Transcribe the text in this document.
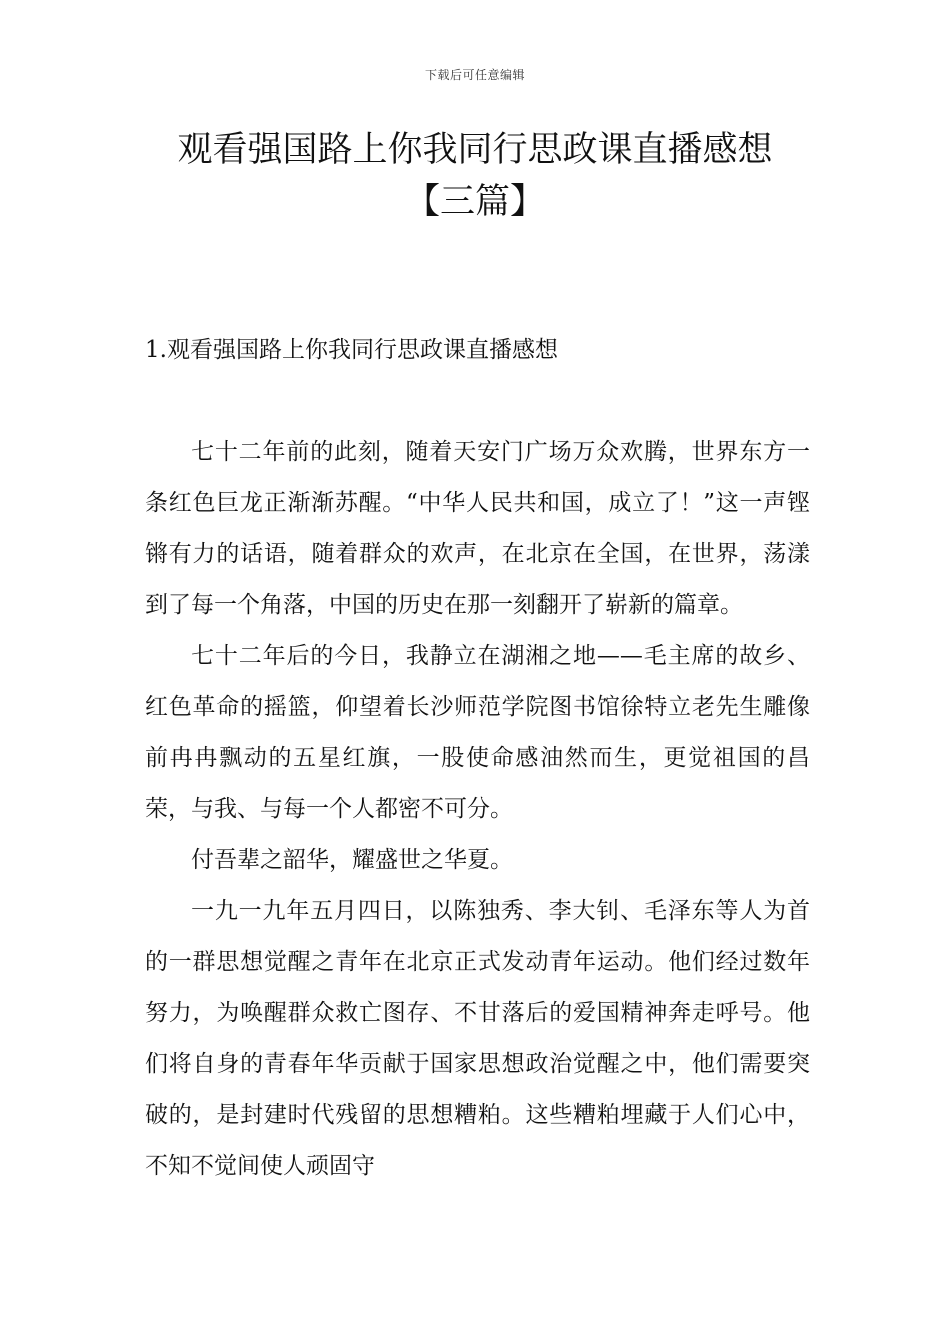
下载后可任意编辑
观看强国路上你我同行思政课直播感想
【三篇】
1.观看强国路上你我同行思政课直播感想

七十二年前的此刻，随着天安门广场万众欢腾，世界东方一条红色巨龙正渐渐苏醒。“中华人民共和国，成立了！”这一声铿锵有力的话语，随着群众的欢声，在北京在全国，在世界，荡漾到了每一个角落，中国的历史在那一刻翻开了崭新的篇章。

七十二年后的今日，我静立在湖湘之地——毛主席的故乡、红色革命的摇篮，仰望着长沙师范学院图书馆徐特立老先生雕像前冉冉飘动的五星红旗，一股使命感油然而生，更觉祖国的昌荣，与我、与每一个人都密不可分。

付吾辈之韶华，耀盛世之华夏。

一九一九年五月四日，以陈独秀、李大钊、毛泽东等人为首的一群思想觉醒之青年在北京正式发动青年运动。他们经过数年努力，为唤醒群众救亡图存、不甘落后的爱国精神奔走呼号。他们将自身的青春年华贡献于国家思想政治觉醒之中，他们需要突破的，是封建时代残留的思想糟粕。这些糟粕埋藏于人们心中，不知不觉间使人顽固守
